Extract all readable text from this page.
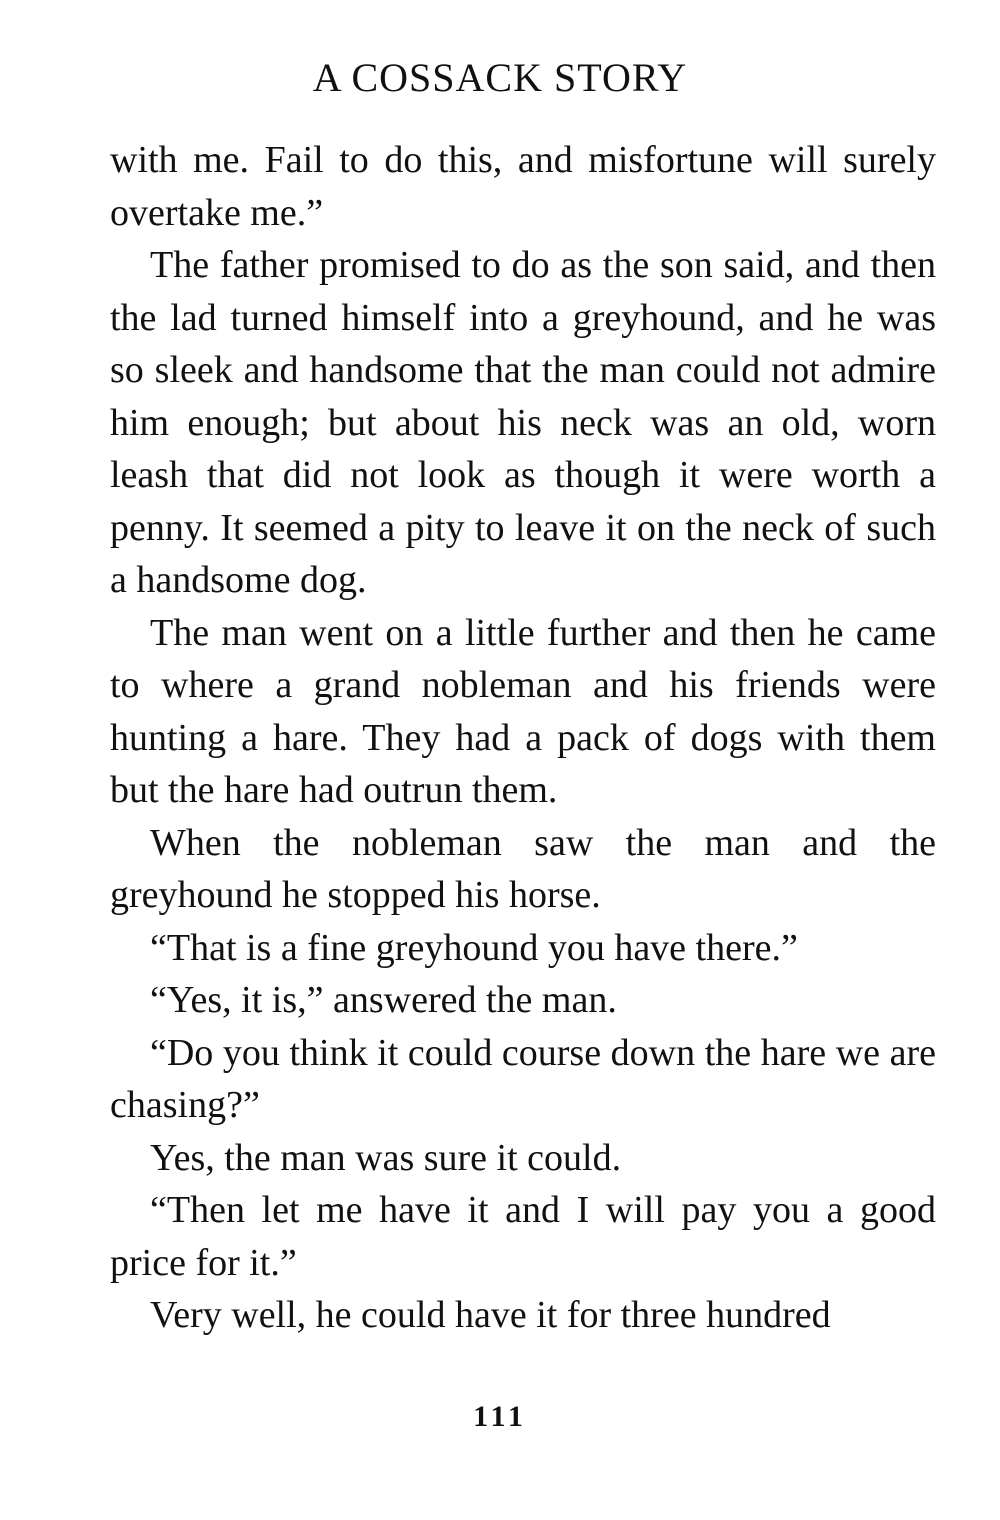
A COSSACK STORY

with me. Fail to do this, and misfortune will surely overtake me.”

The father promised to do as the son said, and then the lad turned himself into a greyhound, and he was so sleek and handsome that the man could not admire him enough; but about his neck was an old, worn leash that did not look as though it were worth a penny. It seemed a pity to leave it on the neck of such a handsome dog.

The man went on a little further and then he came to where a grand nobleman and his friends were hunting a hare. They had a pack of dogs with them but the hare had outrun them.

When the nobleman saw the man and the greyhound he stopped his horse.

“That is a fine greyhound you have there.”

“Yes, it is,” answered the man.

“Do you think it could course down the hare we are chasing?”

Yes, the man was sure it could.

“Then let me have it and I will pay you a good price for it.”

Very well, he could have it for three hundred

111
